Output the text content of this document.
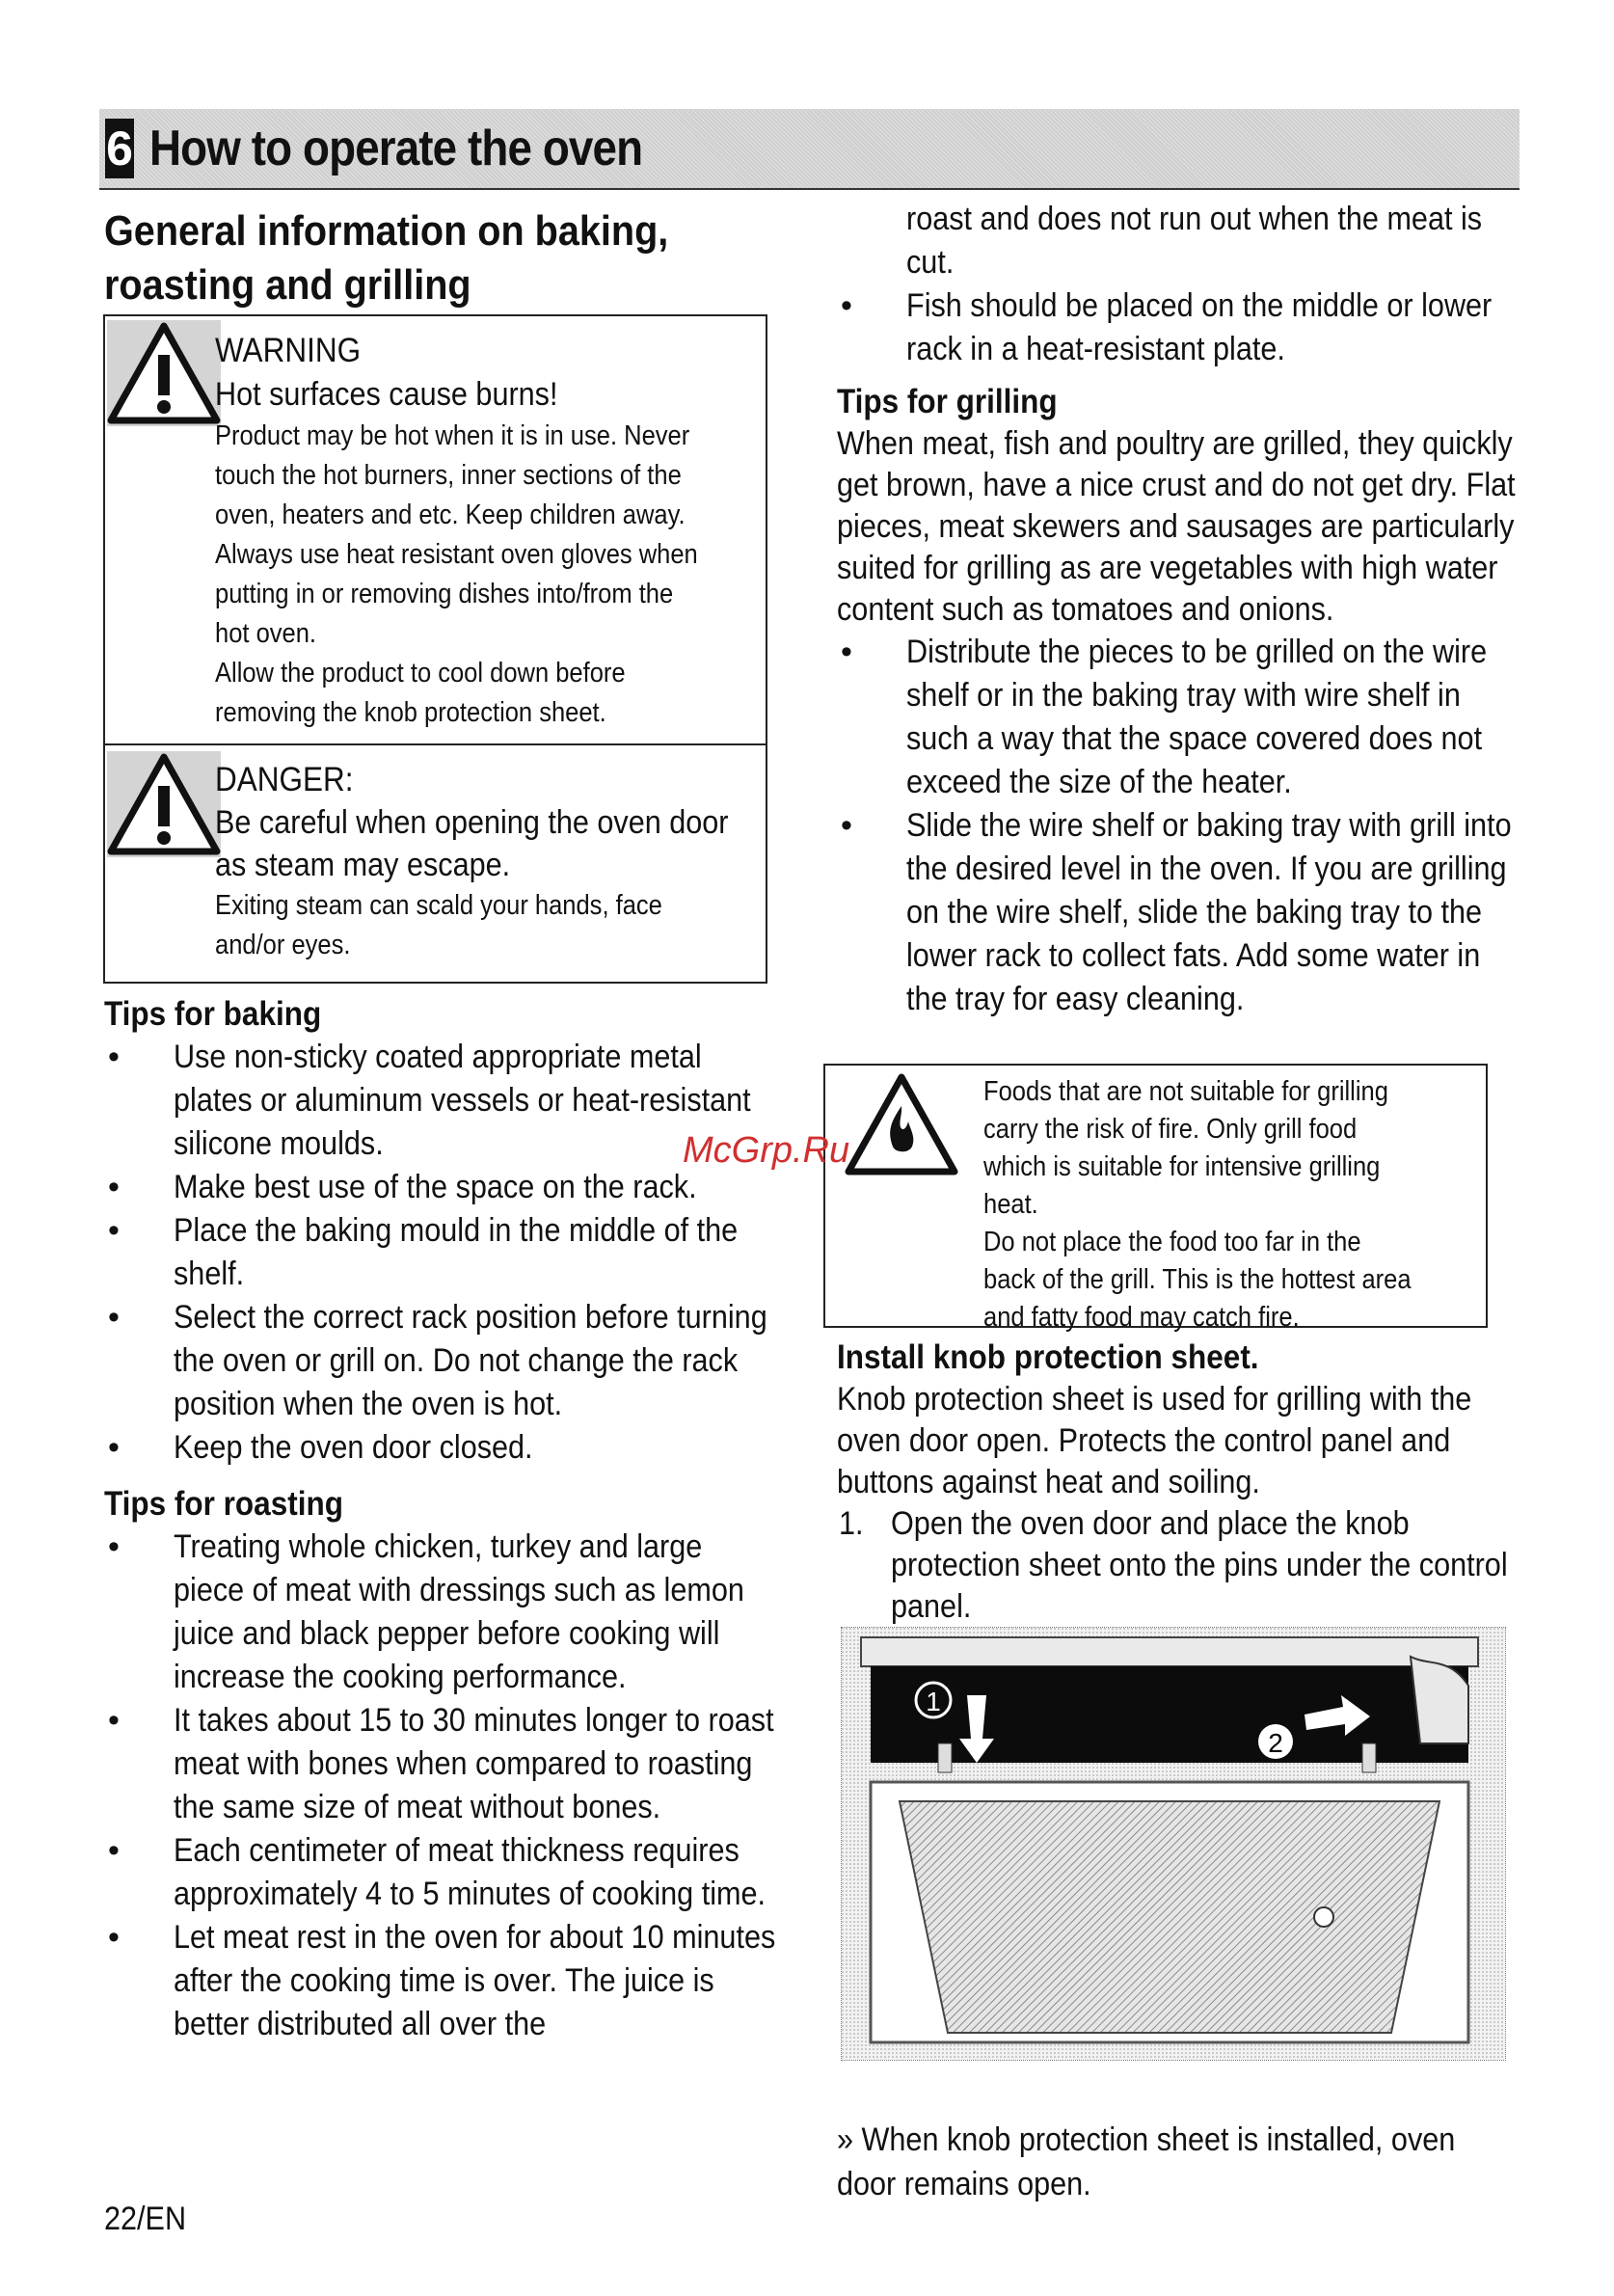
6 How to operate the oven
General information on baking,
roasting and grilling
WARNING
Hot surfaces cause burns!
Product may be hot when it is in use. Never
touch the hot burners, inner sections of the
oven, heaters and etc. Keep children away.
Always use heat resistant oven gloves when
putting in or removing dishes into/from the
hot oven.
Allow the product to cool down before
removing the knob protection sheet.
DANGER:
Be careful when opening the oven door
as steam may escape.
Exiting steam can scald your hands, face
and/or eyes.
Tips for baking
• Use non-sticky coated appropriate metal plates or aluminum vessels or heat-resistant silicone moulds.
• Make best use of the space on the rack.
• Place the baking mould in the middle of the shelf.
• Select the correct rack position before turning the oven or grill on. Do not change the rack position when the oven is hot.
• Keep the oven door closed.
Tips for roasting
• Treating whole chicken, turkey and large piece of meat with dressings such as lemon juice and black pepper before cooking will increase the cooking performance.
• It takes about 15 to 30 minutes longer to roast meat with bones when compared to roasting the same size of meat without bones.
• Each centimeter of meat thickness requires approximately 4 to 5 minutes of cooking time.
• Let meat rest in the oven for about 10 minutes after the cooking time is over. The juice is better distributed all over the
roast and does not run out when the meat is cut.
• Fish should be placed on the middle or lower rack in a heat-resistant plate.
Tips for grilling
When meat, fish and poultry are grilled, they quickly get brown, have a nice crust and do not get dry. Flat pieces, meat skewers and sausages are particularly suited for grilling as are vegetables with high water content such as tomatoes and onions.
• Distribute the pieces to be grilled on the wire shelf or in the baking tray with wire shelf in such a way that the space covered does not exceed the size of the heater.
• Slide the wire shelf or baking tray with grill into the desired level in the oven. If you are grilling on the wire shelf, slide the baking tray to the lower rack to collect fats. Add some water in the tray for easy cleaning.
Foods that are not suitable for grilling
carry the risk of fire. Only grill food
which is suitable for intensive grilling
heat.
Do not place the food too far in the
back of the grill. This is the hottest area
and fatty food may catch fire.
Install knob protection sheet.
Knob protection sheet is used for grilling with the oven door open. Protects the control panel and buttons against heat and soiling.
1. Open the oven door and place the knob protection sheet onto the pins under the control panel.
1
2
» When knob protection sheet is installed, oven door remains open.
McGrp.Ru
22/EN
